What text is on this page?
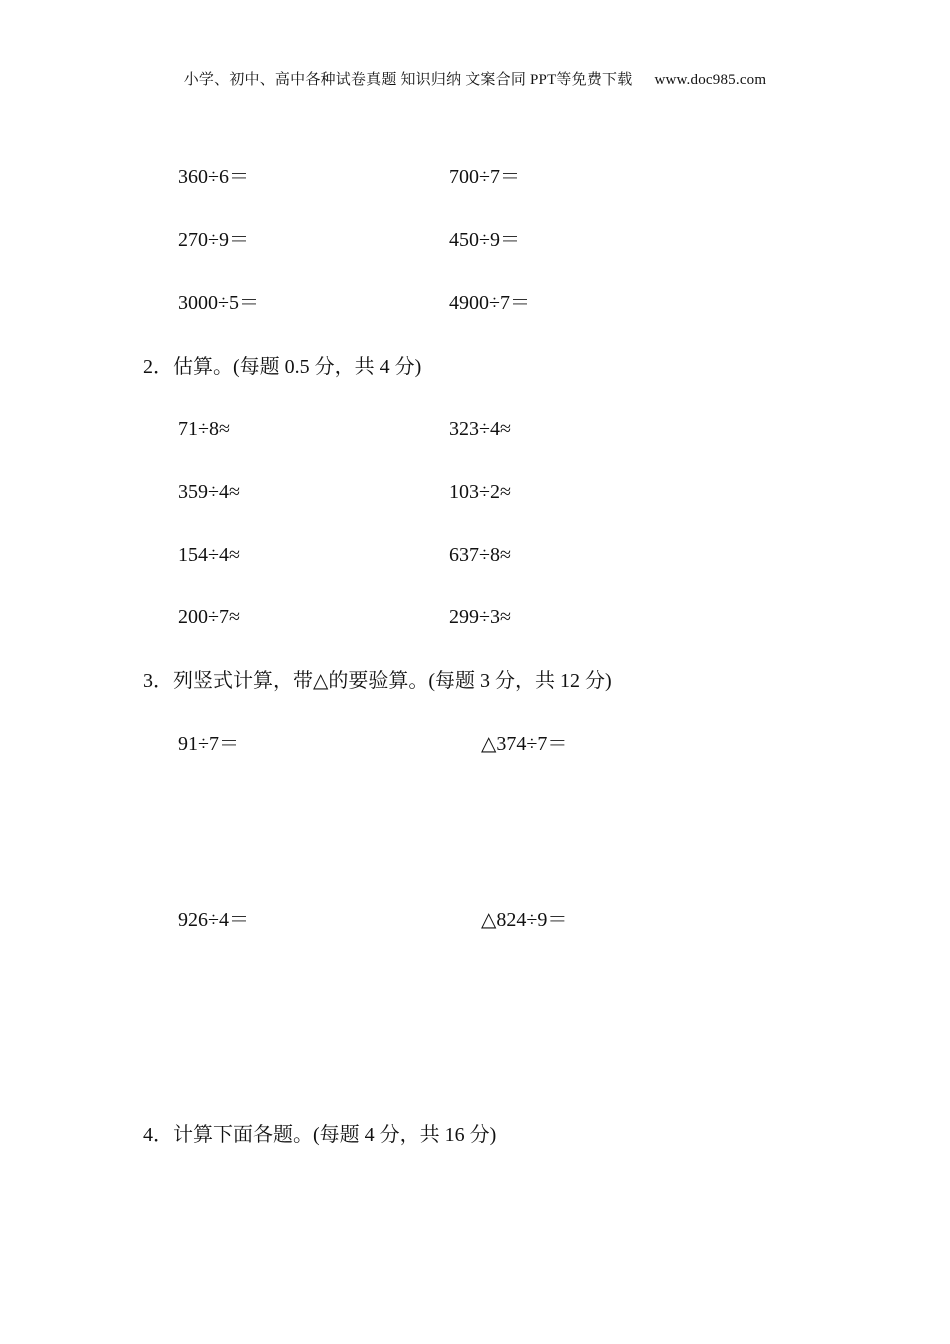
小学、初中、高中各种试卷真题 知识归纳 文案合同 PPT等免费下载 www.doc985.com
360÷6＝	700÷7＝
270÷9＝	450÷9＝
3000÷5＝	4900÷7＝
2．估算。(每题 0.5 分，共 4 分)
71÷8≈	323÷4≈
359÷4≈	103÷2≈
154÷4≈	637÷8≈
200÷7≈	299÷3≈
3．列竖式计算，带△的要验算。(每题 3 分，共 12 分)
91÷7＝	△374÷7＝
926÷4＝	△824÷9＝
4．计算下面各题。(每题 4 分，共 16 分)
